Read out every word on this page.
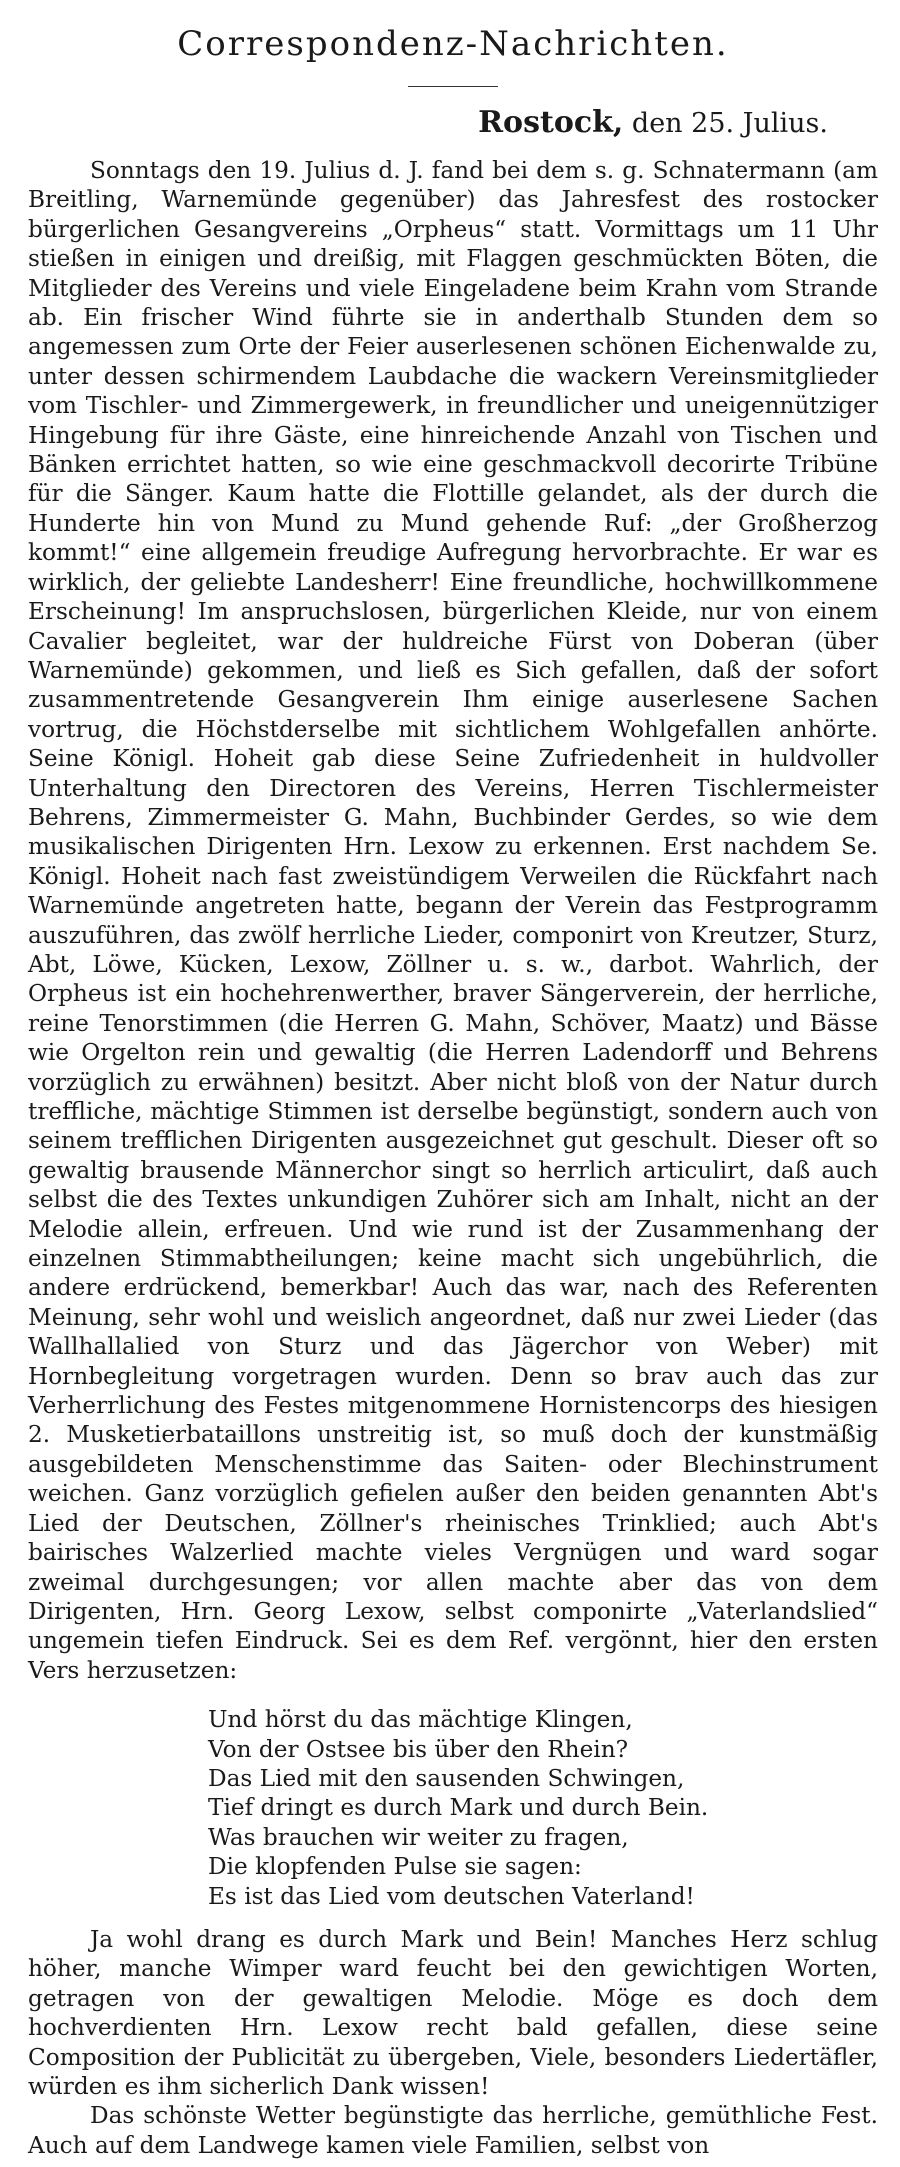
Correspondenz-Nachrichten.

Rostock, den 25. Julius.

Sonntags den 19. Julius d. J. fand bei dem s. g. Schnatermann (am Breitling, Warnemünde gegenüber) das Jahresfest des rostocker bürgerlichen Gesangvereins „Orpheus“ statt. Vormittags um 11 Uhr stießen in einigen und dreißig, mit Flaggen geschmückten Böten, die Mitglieder des Vereins und viele Eingeladene beim Krahn vom Strande ab. Ein frischer Wind führte sie in anderthalb Stunden dem so angemessen zum Orte der Feier auserlesenen schönen Eichenwalde zu, unter dessen schirmendem Laubdache die wackern Vereinsmitglieder vom Tischler- und Zimmergewerk, in freundlicher und uneigennütziger Hingebung für ihre Gäste, eine hinreichende Anzahl von Tischen und Bänken errichtet hatten, so wie eine geschmackvoll decorirte Tribüne für die Sänger. Kaum hatte die Flottille gelandet, als der durch die Hunderte hin von Mund zu Mund gehende Ruf: „der Großherzog kommt!“ eine allgemein freudige Aufregung hervorbrachte. Er war es wirklich, der geliebte Landesherr! Eine freundliche, hochwillkommene Erscheinung! Im anspruchslosen, bürgerlichen Kleide, nur von einem Cavalier begleitet, war der huldreiche Fürst von Doberan (über Warnemünde) gekommen, und ließ es Sich gefallen, daß der sofort zusammentretende Gesangverein Ihm einige auserlesene Sachen vortrug, die Höchstderselbe mit sichtlichem Wohlgefallen anhörte. Seine Königl. Hoheit gab diese Seine Zufriedenheit in huldvoller Unterhaltung den Directoren des Vereins, Herren Tischlermeister Behrens, Zimmermeister G. Mahn, Buchbinder Gerdes, so wie dem musikalischen Dirigenten Hrn. Lexow zu erkennen. Erst nachdem Se. Königl. Hoheit nach fast zweistündigem Verweilen die Rückfahrt nach Warnemünde angetreten hatte, begann der Verein das Festprogramm auszuführen, das zwölf herrliche Lieder, componirt von Kreutzer, Sturz, Abt, Löwe, Kücken, Lexow, Zöllner u. s. w., darbot. Wahrlich, der Orpheus ist ein hochehrenwerther, braver Sängerverein, der herrliche, reine Tenorstimmen (die Herren G. Mahn, Schöver, Maatz) und Bässe wie Orgelton rein und gewaltig (die Herren Ladendorff und Behrens vorzüglich zu erwähnen) besitzt. Aber nicht bloß von der Natur durch treffliche, mächtige Stimmen ist derselbe begünstigt, sondern auch von seinem trefflichen Dirigenten ausgezeichnet gut geschult. Dieser oft so gewaltig brausende Männerchor singt so herrlich articulirt, daß auch selbst die des Textes unkundigen Zuhörer sich am Inhalt, nicht an der Melodie allein, erfreuen. Und wie rund ist der Zusammenhang der einzelnen Stimmabtheilungen; keine macht sich ungebührlich, die andere erdrückend, bemerkbar! Auch das war, nach des Referenten Meinung, sehr wohl und weislich angeordnet, daß nur zwei Lieder (das Wallhallalied von Sturz und das Jägerchor von Weber) mit Hornbegleitung vorgetragen wurden. Denn so brav auch das zur Verherrlichung des Festes mitgenommene Hornistencorps des hiesigen 2. Musketierbataillons unstreitig ist, so muß doch der kunstmäßig ausgebildeten Menschenstimme das Saiten- oder Blechinstrument weichen. Ganz vorzüglich gefielen außer den beiden genannten Abt's Lied der Deutschen, Zöllner's rheinisches Trinklied; auch Abt's bairisches Walzerlied machte vieles Vergnügen und ward sogar zweimal durchgesungen; vor allen machte aber das von dem Dirigenten, Hrn. Georg Lexow, selbst componirte „Vaterlandslied“ ungemein tiefen Eindruck. Sei es dem Ref. vergönnt, hier den ersten Vers herzusetzen:

Und hörst du das mächtige Klingen,
Von der Ostsee bis über den Rhein?
Das Lied mit den sausenden Schwingen,
Tief dringt es durch Mark und durch Bein.
Was brauchen wir weiter zu fragen,
Die klopfenden Pulse sie sagen:
Es ist das Lied vom deutschen Vaterland!

Ja wohl drang es durch Mark und Bein! Manches Herz schlug höher, manche Wimper ward feucht bei den gewichtigen Worten, getragen von der gewaltigen Melodie. Möge es doch dem hochverdienten Hrn. Lexow recht bald gefallen, diese seine Composition der Publicität zu übergeben, Viele, besonders Liedertäfler, würden es ihm sicherlich Dank wissen!

Das schönste Wetter begünstigte das herrliche, gemüthliche Fest. Auch auf dem Landwege kamen viele Familien, selbst von
